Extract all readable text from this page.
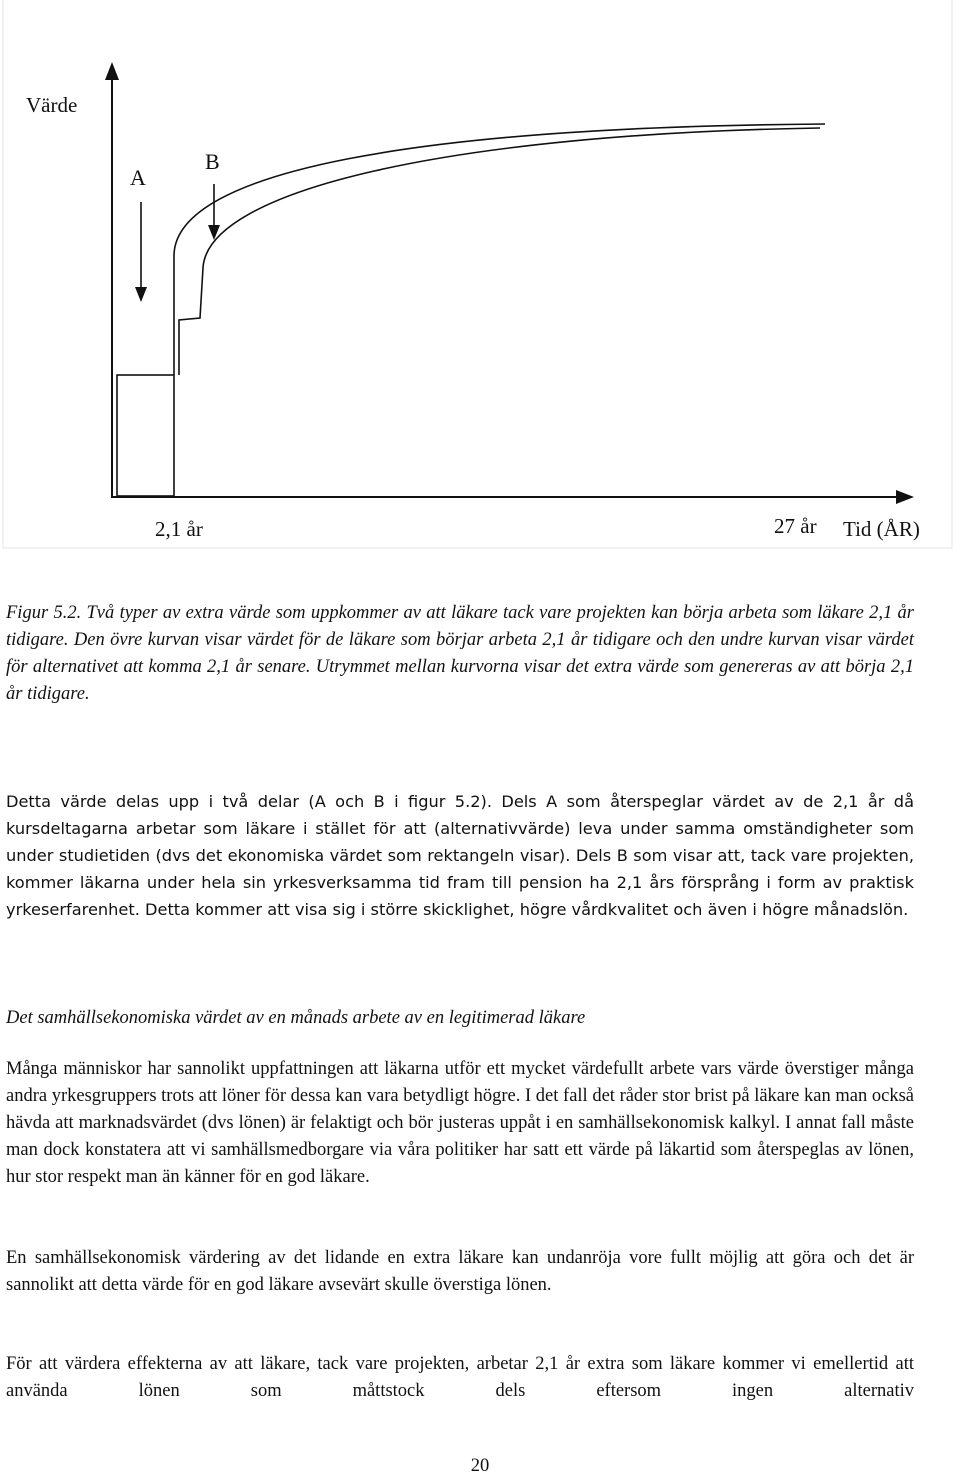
Värde
A
B
2,1 år	27 år Tid (ÅR)
Figur 5.2. Två typer av extra värde som uppkommer av att läkare tack vare projekten kan börja arbeta som läkare 2,1 år tidigare. Den övre kurvan visar värdet för de läkare som börjar arbeta 2,1 år tidigare och den undre kurvan visar värdet för alternativet att komma 2,1 år senare. Utrymmet mellan kurvorna visar det extra värde som genereras av att börja 2,1 år tidigare.

Detta värde delas upp i två delar (A och B i figur 5.2). Dels A som återspeglar värdet av de 2,1 år då kursdeltagarna arbetar som läkare i stället för att (alternativvärde) leva under samma omständigheter som under studietiden (dvs det ekonomiska värdet som rektangeln visar). Dels B som visar att, tack vare projekten, kommer läkarna under hela sin yrkesverksamma tid fram till pension ha 2,1 års försprång i form av praktisk yrkeserfarenhet. Detta kommer att visa sig i större skicklighet, högre vårdkvalitet och även i högre månadslön.

Det samhällsekonomiska värdet av en månads arbete av en legitimerad läkare

Många människor har sannolikt uppfattningen att läkarna utför ett mycket värdefullt arbete vars värde överstiger många andra yrkesgruppers trots att löner för dessa kan vara betydligt högre. I det fall det råder stor brist på läkare kan man också hävda att marknadsvärdet (dvs lönen) är felaktigt och bör justeras uppåt i en samhällsekonomisk kalkyl. I annat fall måste man dock konstatera att vi samhällsmedborgare via våra politiker har satt ett värde på läkartid som återspeglas av lönen, hur stor respekt man än känner för en god läkare.

En samhällsekonomisk värdering av det lidande en extra läkare kan undanröja vore fullt möjlig att göra och det är sannolikt att detta värde för en god läkare avsevärt skulle överstiga lönen.

För att värdera effekterna av att läkare, tack vare projekten, arbetar 2,1 år extra som läkare kommer vi emellertid att använda lönen som måttstock dels eftersom ingen alternativ

20
